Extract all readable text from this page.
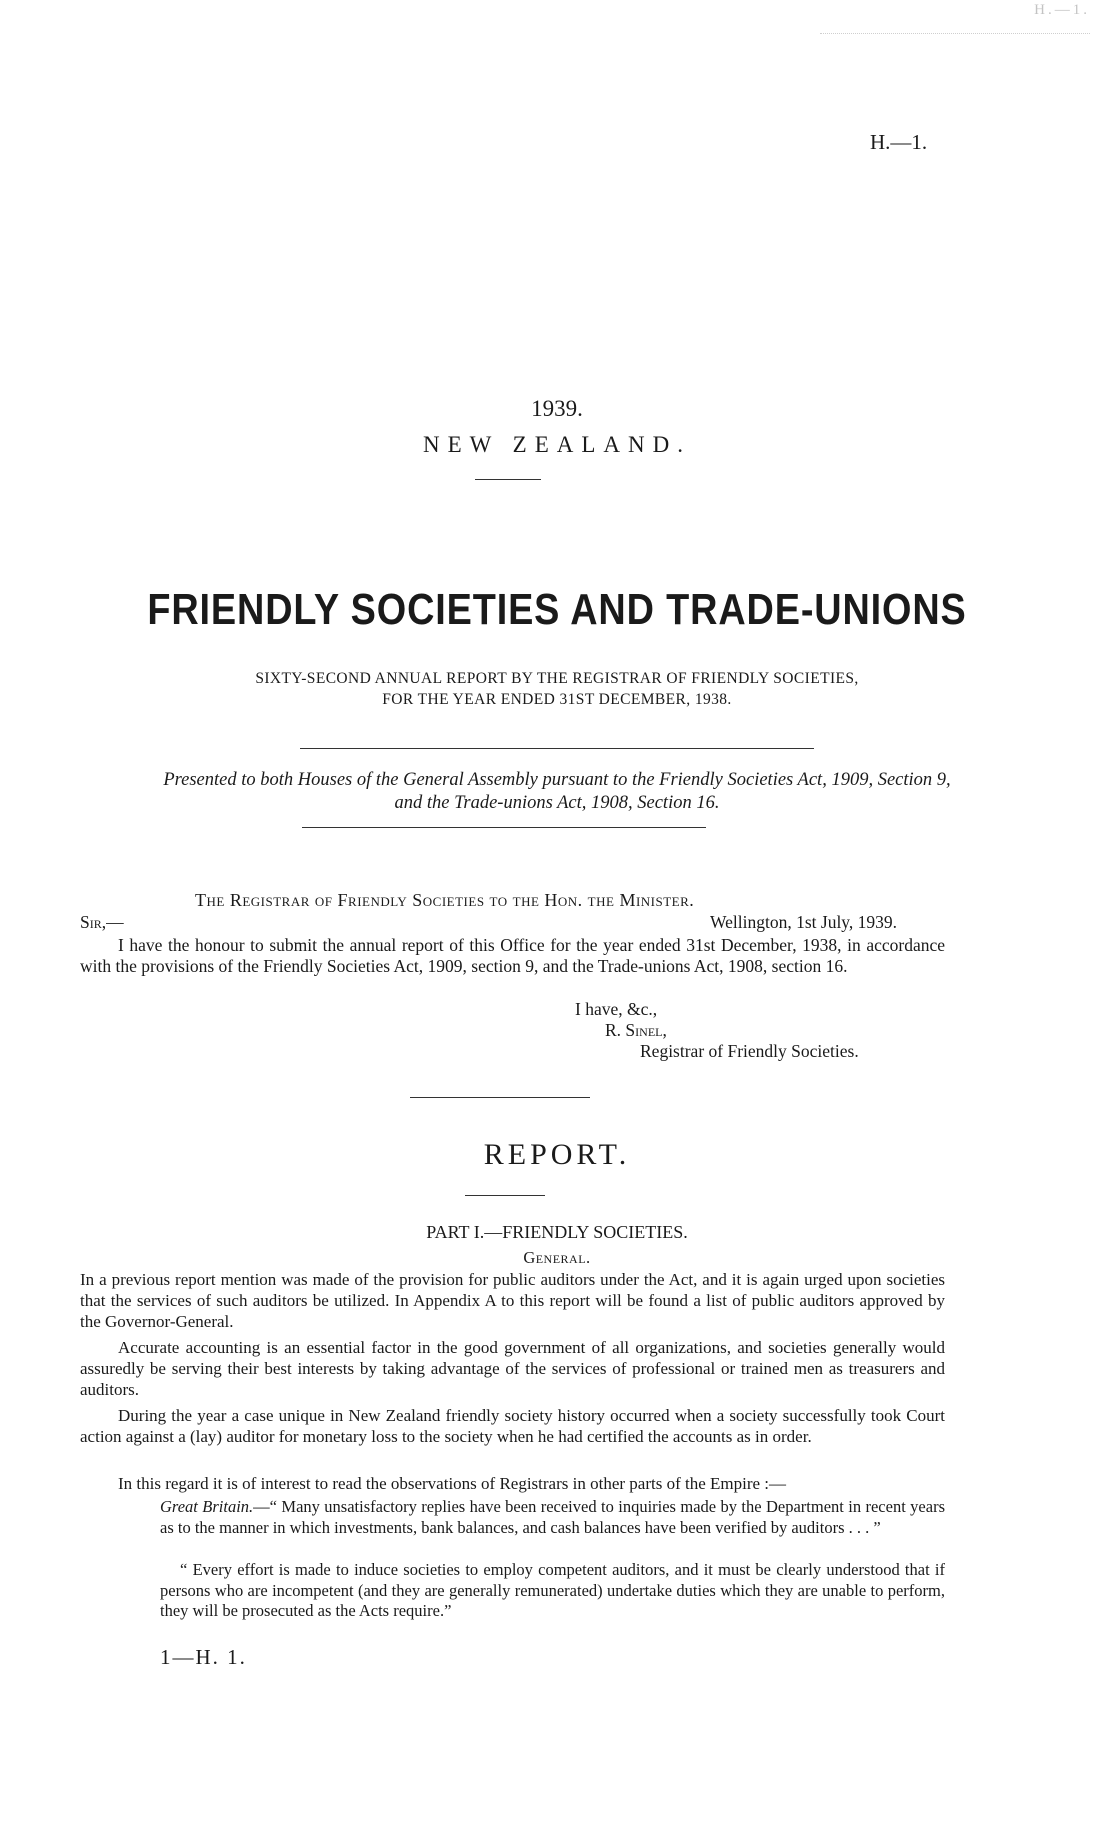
H.—1.
H.—1.
1939.
NEW ZEALAND.
FRIENDLY SOCIETIES AND TRADE-UNIONS
SIXTY-SECOND ANNUAL REPORT BY THE REGISTRAR OF FRIENDLY SOCIETIES,
FOR THE YEAR ENDED 31ST DECEMBER, 1938.
Presented to both Houses of the General Assembly pursuant to the Friendly Societies Act, 1909, Section 9,
and the Trade-unions Act, 1908, Section 16.
The Registrar of Friendly Societies to the Hon. the Minister.
Sir,—	Wellington, 1st July, 1939.
I have the honour to submit the annual report of this Office for the year ended 31st December, 1938, in accordance with the provisions of the Friendly Societies Act, 1909, section 9, and the Trade-unions Act, 1908, section 16.
I have, &c.,
R. Sinel,
Registrar of Friendly Societies.
REPORT.
PART I.—FRIENDLY SOCIETIES.
General.
In a previous report mention was made of the provision for public auditors under the Act, and it is again urged upon societies that the services of such auditors be utilized. In Appendix A to this report will be found a list of public auditors approved by the Governor-General.
Accurate accounting is an essential factor in the good government of all organizations, and societies generally would assuredly be serving their best interests by taking advantage of the services of professional or trained men as treasurers and auditors.
During the year a case unique in New Zealand friendly society history occurred when a society successfully took Court action against a (lay) auditor for monetary loss to the society when he had certified the accounts as in order.
In this regard it is of interest to read the observations of Registrars in other parts of the Empire :—
Great Britain.—“ Many unsatisfactory replies have been received to inquiries made by the Department in recent years as to the manner in which investments, bank balances, and cash balances have been verified by auditors . . . ”
“ Every effort is made to induce societies to employ competent auditors, and it must be clearly understood that if persons who are incompetent (and they are generally remunerated) undertake duties which they are unable to perform, they will be prosecuted as the Acts require.”
1—H. 1.
